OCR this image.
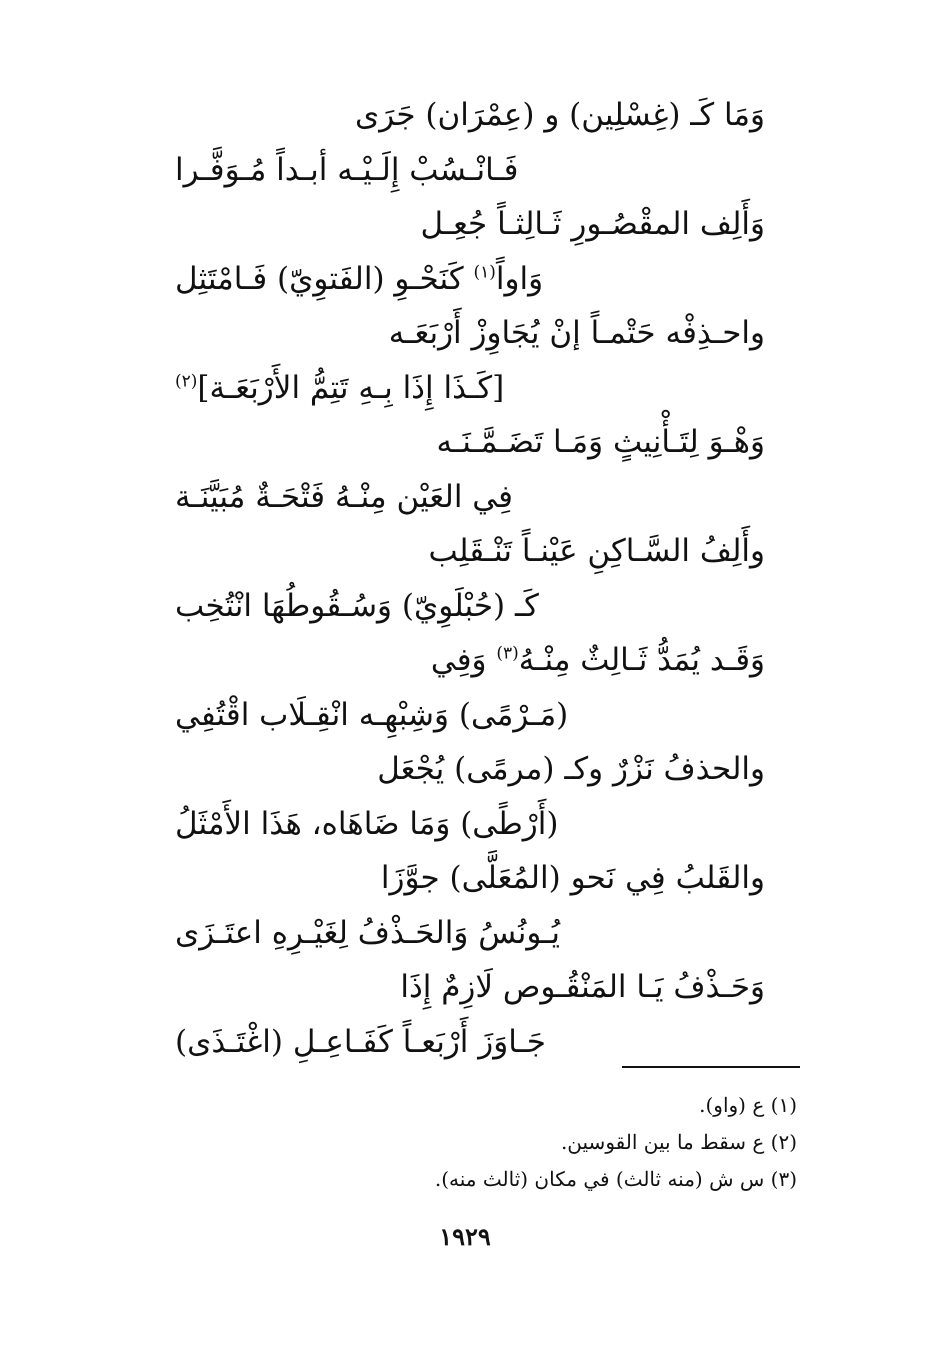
وَمَا كَـ (غِسْلِين) و (عِمْرَان) جَرَى
فَـانْـسُبْ إِلَـيْـه أبـداً مُـوَفَّـرا
وَأَلِف المقْصُـورِ ثَـالِثـاً جُعِـل
وَاواً$^{(١)}$ كَنَحْـوِ (الفَتوِيّ) فَـامْتَثِل
واحـذِفْه حَتْمـاً إنْ يُجَاوِزْ أَرْبَعَـه
[كَـذَا إِذَا بِـهِ تَتِمُّ الأَرْبَعَـة]$^{(٢)}$
وَهْـوَ لِتَـأْنِيثٍ وَمَـا تَضَـمَّـنَـه
فِي العَيْن مِنْـهُ فَتْحَـةٌ مُبَيَّنَـة
وأَلِفُ السَّـاكِنِ عَيْنـاً تَنْـقَلِب
كَـ (حُبْلَوِيّ) وَسُـقُوطُهَا انْتُخِب
وَقَـد يُمَدُّ ثَـالِثٌ مِنْـهُ$^{(٣)}$ وَفِي
(مَـرْمًى) وَشِبْهِـه انْقِـلَاب اقْتُفِي
والحذفُ نَزْرٌ وكـ (مرمًى) يُجْعَل
(أَرْطًى) وَمَا ضَاهَاه، هَذَا الأَمْثَلُ
والقَلبُ فِي نَحو (المُعَلَّى) جوَّزَا
يُـونُسُ وَالحَـذْفُ لِغَيْـرِهِ اعتَـزَى
وَحَـذْفُ يَـا المَنْقُـوص لَازِمٌ إِذَا
جَـاوَزَ أَرْبَعـاً كَفَـاعِـلِ (اغْتَـذَى)
(١) ع (واو).
(٢) ع سقط ما بين القوسين.
(٣) س ش (منه ثالث) في مكان (ثالث منه).
١٩٢٩
